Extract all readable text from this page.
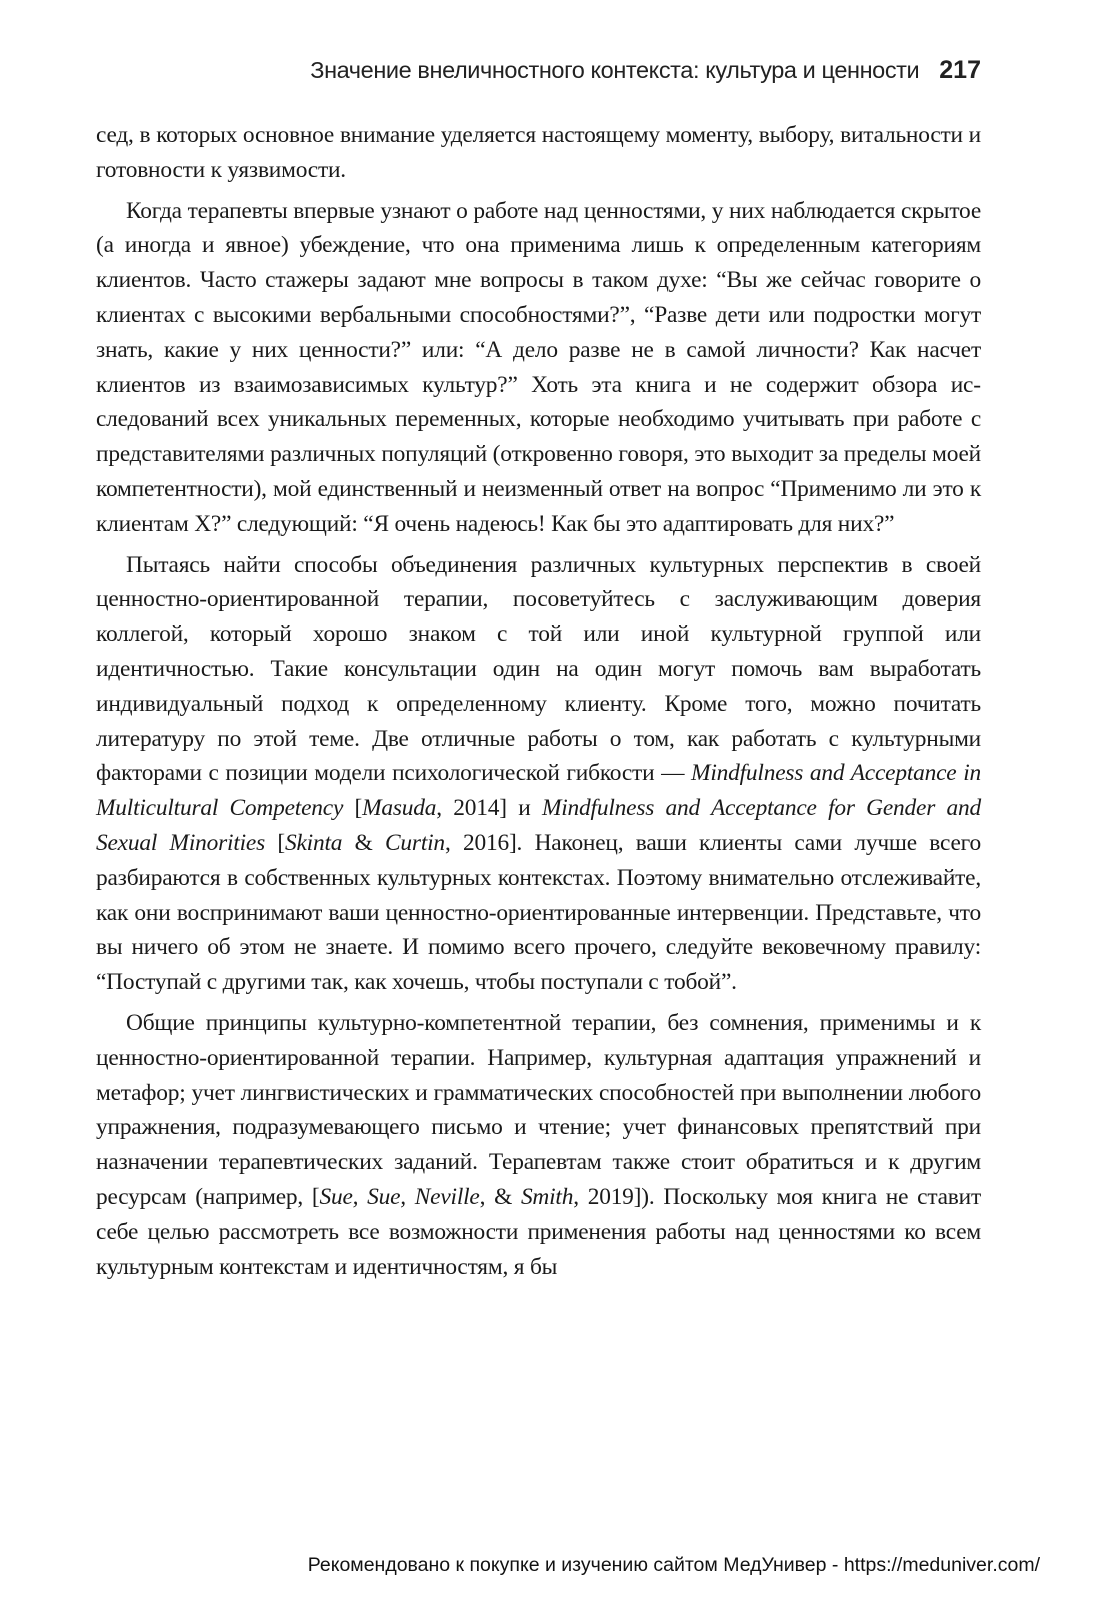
Значение внеличностного контекста: культура и ценности 217

сед, в которых основное внимание уделяется настоящему моменту, выбору, витальности и готовности к уязвимости.

Когда терапевты впервые узнают о работе над ценностями, у них наблюдается скрытое (а иногда и явное) убеждение, что она применима лишь к определенным категориям клиентов. Часто стажеры задают мне вопросы в таком духе: “Вы же сейчас говорите о клиентах с высокими вербальными способностями?”, “Разве дети или подростки могут знать, какие у них ценности?” или: “А дело разве не в самой личности? Как насчет клиентов из взаимозависимых культур?” Хоть эта книга и не содержит обзора исследований всех уникальных переменных, которые необходимо учитывать при работе с представителями различных популяций (откровенно говоря, это выходит за пределы моей компетентности), мой единственный и неизменный ответ на вопрос “Применимо ли это к клиентам X?” следующий: “Я очень надеюсь! Как бы это адаптировать для них?”

Пытаясь найти способы объединения различных культурных перспектив в своей ценностно-ориентированной терапии, посоветуйтесь с заслуживающим доверия коллегой, который хорошо знаком с той или иной культурной группой или идентичностью. Такие консультации один на один могут помочь вам выработать индивидуальный подход к определенному клиенту. Кроме того, можно почитать литературу по этой теме. Две отличные работы о том, как работать с культурными факторами с позиции модели психологической гибкости — Mindfulness and Acceptance in Multicultural Competency [Masuda, 2014] и Mindfulness and Acceptance for Gender and Sexual Minorities [Skinta & Curtin, 2016]. Наконец, ваши клиенты сами лучше всего разбираются в собственных культурных контекстах. Поэтому внимательно отслеживайте, как они воспринимают ваши ценностно-ориентированные интервенции. Представьте, что вы ничего об этом не знаете. И помимо всего прочего, следуйте вековечному правилу: “Поступай с другими так, как хочешь, чтобы поступали с тобой”.

Общие принципы культурно-компетентной терапии, без сомнения, применимы и к ценностно-ориентированной терапии. Например, культурная адаптация упражнений и метафор; учет лингвистических и грамматических способностей при выполнении любого упражнения, подразумевающего письмо и чтение; учет финансовых препятствий при назначении терапевтических заданий. Терапевтам также стоит обратиться и к другим ресурсам (например, [Sue, Sue, Neville, & Smith, 2019]). Поскольку моя книга не ставит себе целью рассмотреть все возможности применения работы над ценностями ко всем культурным контекстам и идентичностям, я бы

Рекомендовано к покупке и изучению сайтом МедУнивер - https://meduniver.com/
